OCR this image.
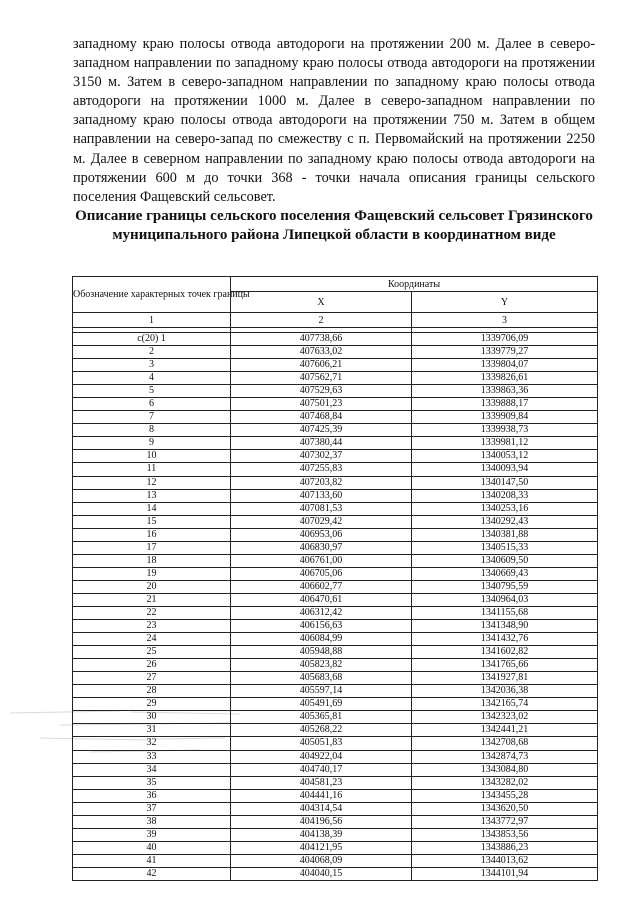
западному краю полосы отвода автодороги на протяжении 200 м. Далее в северо-западном направлении по западному краю полосы отвода автодороги на протяжении 3150 м. Затем в северо-западном направлении по западному краю полосы отвода автодороги на протяжении 1000 м. Далее в северо-западном направлении по западному краю полосы отвода автодороги на протяжении 750 м. Затем в общем направлении на северо-запад по смежеству с п. Первомайский на протяжении 2250 м. Далее в северном направлении по западному краю полосы отвода автодороги на протяжении 600 м до точки 368 - точки начала описания границы сельского поселения Фащевский сельсовет.
Описание границы сельского поселения Фащевский сельсовет Грязинского муниципального района Липецкой области в координатном виде
Обозначение характерных точек границы	Координаты	
	X	Y
1	2	3

с(20) 1	407738,66	1339706,09
2	407633,02	1339779,27
3	407606,21	1339804,07
4	407562,71	1339826,61
5	407529,63	1339863,36
6	407501,23	1339888,17
7	407468,84	1339909,84
8	407425,39	1339938,73
9	407380,44	1339981,12
10	407302,37	1340053,12
11	407255,83	1340093,94
12	407203,82	1340147,50
13	407133,60	1340208,33
14	407081,53	1340253,16
15	407029,42	1340292,43
16	406953,06	1340381,88
17	406830,97	1340515,33
18	406761,00	1340609,50
19	406705,06	1340669,43
20	406602,77	1340795,59
21	406470,61	1340964,03
22	406312,42	1341155,68
23	406156,63	1341348,90
24	406084,99	1341432,76
25	405948,88	1341602,82
26	405823,82	1341765,66
27	405683,68	1341927,81
28	405597,14	1342036,38
29	405491,69	1342165,74
30	405365,81	1342323,02
31	405268,22	1342441,21
32	405051,83	1342708,68
33	404922,04	1342874,73
34	404740,17	1343084,80
35	404581,23	1343282,02
36	404441,16	1343455,28
37	404314,54	1343620,50
38	404196,56	1343772,97
39	404138,39	1343853,56
40	404121,95	1343886,23
41	404068,09	1344013,62
42	404040,15	1344101,94
